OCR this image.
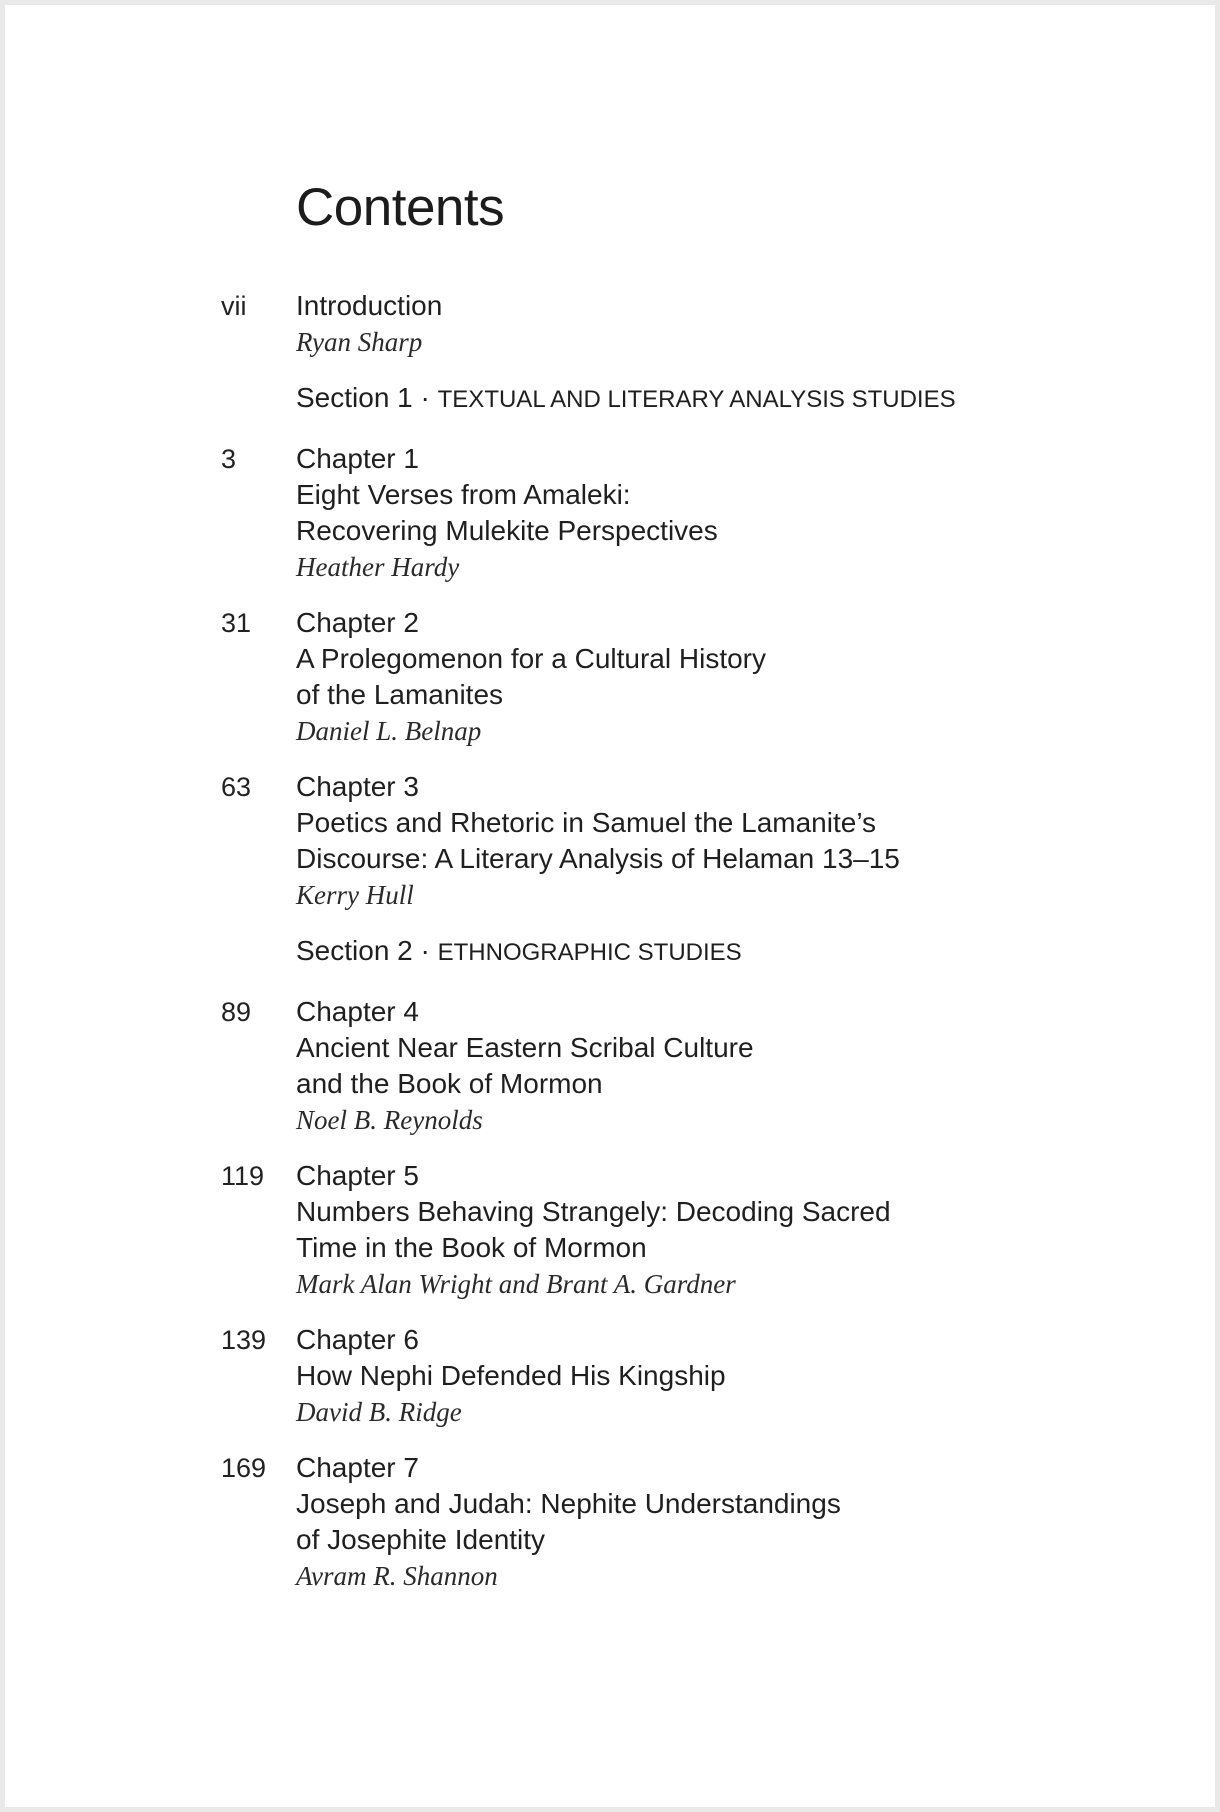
Contents
vii Introduction
Ryan Sharp
Section 1 · TEXTUAL AND LITERARY ANALYSIS STUDIES
3 Chapter 1
Eight Verses from Amaleki:
Recovering Mulekite Perspectives
Heather Hardy
31 Chapter 2
A Prolegomenon for a Cultural History
of the Lamanites
Daniel L. Belnap
63 Chapter 3
Poetics and Rhetoric in Samuel the Lamanite’s
Discourse: A Literary Analysis of Helaman 13–15
Kerry Hull
Section 2 · ETHNOGRAPHIC STUDIES
89 Chapter 4
Ancient Near Eastern Scribal Culture
and the Book of Mormon
Noel B. Reynolds
119 Chapter 5
Numbers Behaving Strangely: Decoding Sacred
Time in the Book of Mormon
Mark Alan Wright and Brant A. Gardner
139 Chapter 6
How Nephi Defended His Kingship
David B. Ridge
169 Chapter 7
Joseph and Judah: Nephite Understandings
of Josephite Identity
Avram R. Shannon
